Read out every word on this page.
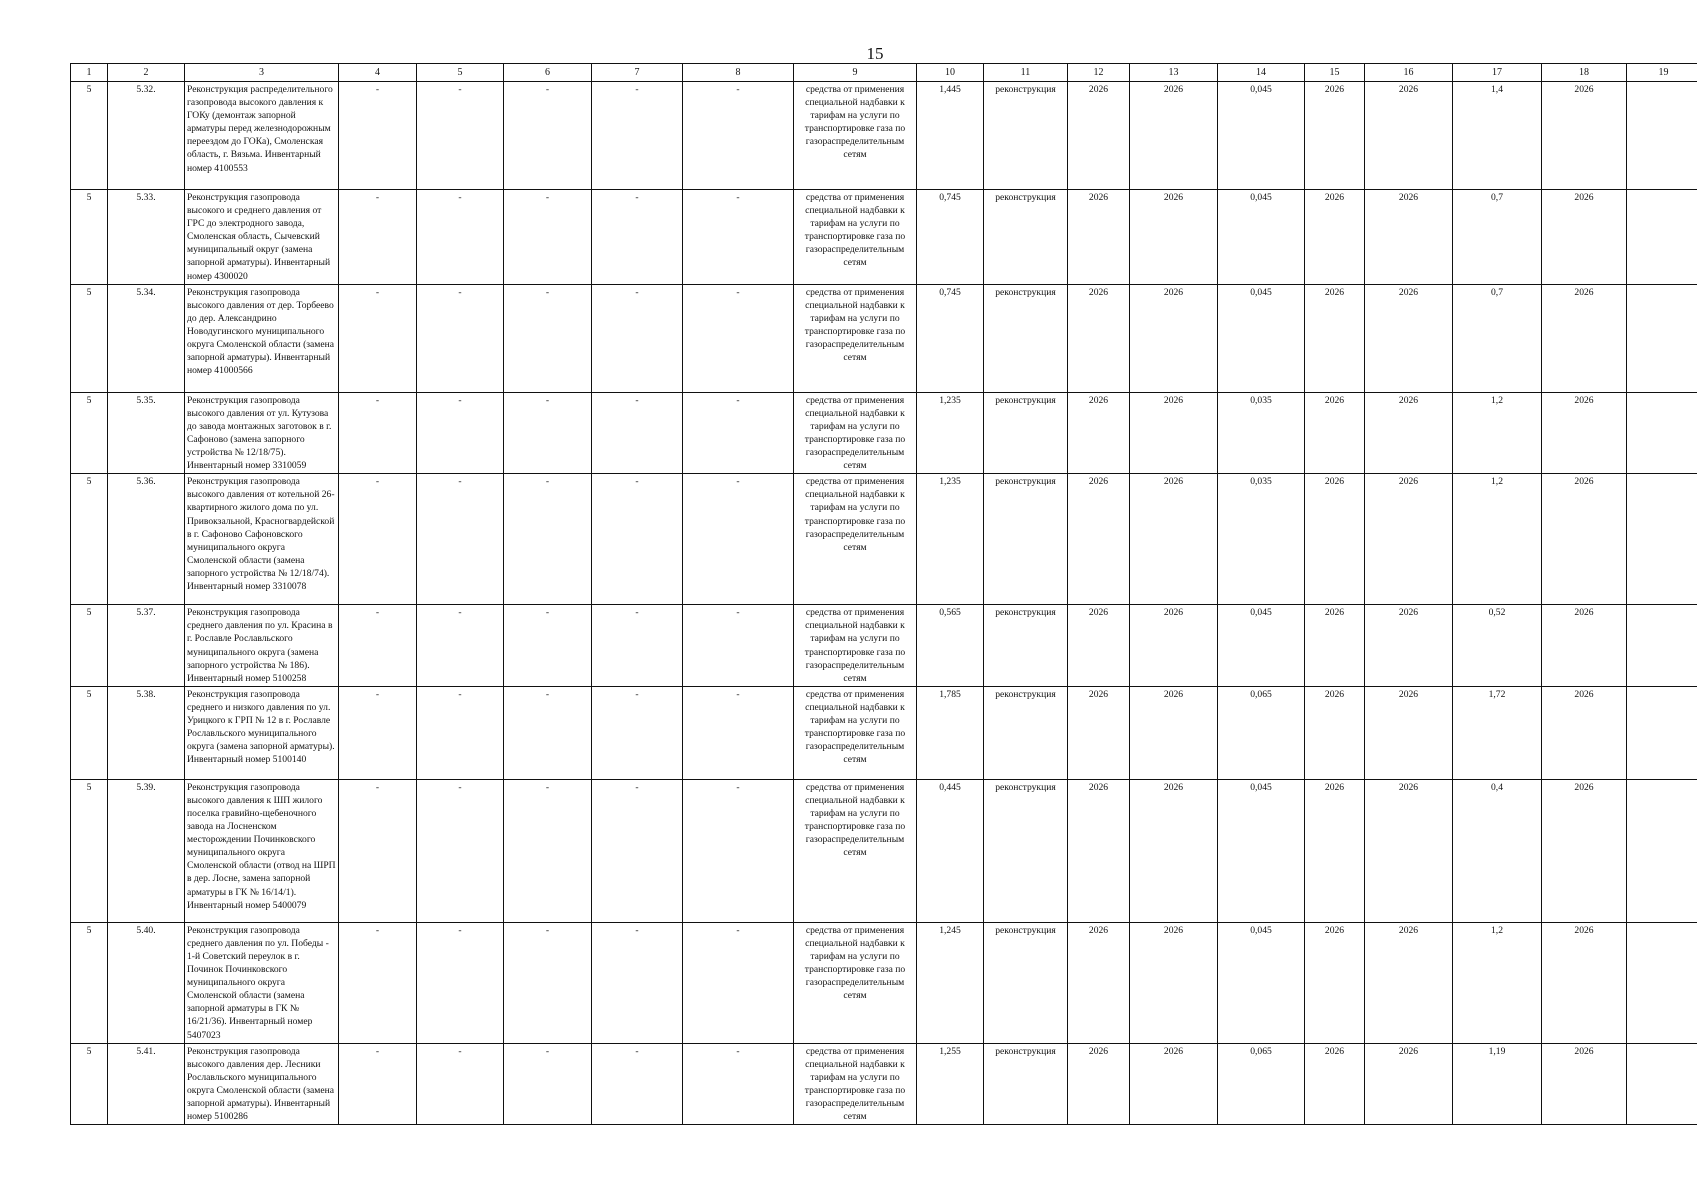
15
1	2	3	4	5	6	7	8	9	10	11	12	13	14	15	16	17	18	19
5	5.32.	Реконструкция распределительного газопровода высокого давления к ГОКу (демонтаж запорной арматуры перед железнодорожным переездом до ГОКа), Смоленская область, г. Вязьма. Инвентарный номер 4100553	-	-	-	-	-	средства от применения специальной надбавки к тарифам на услуги по транспортировке газа по газораспределительным сетям	1,445	реконструкция	2026	2026	0,045	2026	2026	1,4	2026	
5	5.33.	Реконструкция газопровода высокого и среднего давления от ГРС до электродного завода, Смоленская область, Сычевский муниципальный округ (замена запорной арматуры). Инвентарный номер 4300020	-	-	-	-	-	средства от применения специальной надбавки к тарифам на услуги по транспортировке газа по газораспределительным сетям	0,745	реконструкция	2026	2026	0,045	2026	2026	0,7	2026	
5	5.34.	Реконструкция газопровода высокого давления от дер. Торбеево до дер. Александрино Новодугинского муниципального округа Смоленской области (замена запорной арматуры). Инвентарный номер 41000566	-	-	-	-	-	средства от применения специальной надбавки к тарифам на услуги по транспортировке газа по газораспределительным сетям	0,745	реконструкция	2026	2026	0,045	2026	2026	0,7	2026	
5	5.35.	Реконструкция газопровода высокого давления от ул. Кутузова до завода монтажных заготовок в г. Сафоново (замена запорного устройства № 12/18/75). Инвентарный номер 3310059	-	-	-	-	-	средства от применения специальной надбавки к тарифам на услуги по транспортировке газа по газораспределительным сетям	1,235	реконструкция	2026	2026	0,035	2026	2026	1,2	2026	
5	5.36.	Реконструкция газопровода высокого давления от котельной 26-квартирного жилого дома по ул. Привокзальной, Красногвардейской в г. Сафоново Сафоновского муниципального округа Смоленской области (замена запорного устройства № 12/18/74). Инвентарный номер 3310078	-	-	-	-	-	средства от применения специальной надбавки к тарифам на услуги по транспортировке газа по газораспределительным сетям	1,235	реконструкция	2026	2026	0,035	2026	2026	1,2	2026	
5	5.37.	Реконструкция газопровода среднего давления по ул. Красина в г. Рославле Рославльского муниципального округа (замена запорного устройства № 186). Инвентарный номер 5100258	-	-	-	-	-	средства от применения специальной надбавки к тарифам на услуги по транспортировке газа по газораспределительным сетям	0,565	реконструкция	2026	2026	0,045	2026	2026	0,52	2026	
5	5.38.	Реконструкция газопровода среднего и низкого давления по ул. Урицкого к ГРП № 12 в г. Рославле Рославльского муниципального округа (замена запорной арматуры). Инвентарный номер 5100140	-	-	-	-	-	средства от применения специальной надбавки к тарифам на услуги по транспортировке газа по газораспределительным сетям	1,785	реконструкция	2026	2026	0,065	2026	2026	1,72	2026	
5	5.39.	Реконструкция газопровода высокого давления к ШП жилого поселка гравийно-щебеночного завода на Лосненском месторождении Починковского муниципального округа Смоленской области (отвод на ШРП в дер. Лосне, замена запорной арматуры в ГК № 16/14/1). Инвентарный номер 5400079	-	-	-	-	-	средства от применения специальной надбавки к тарифам на услуги по транспортировке газа по газораспределительным сетям	0,445	реконструкция	2026	2026	0,045	2026	2026	0,4	2026	
5	5.40.	Реконструкция газопровода среднего давления по ул. Победы - 1-й Советский переулок в г. Починок Починковского муниципального округа Смоленской области (замена запорной арматуры в ГК № 16/21/36). Инвентарный номер 5407023	-	-	-	-	-	средства от применения специальной надбавки к тарифам на услуги по транспортировке газа по газораспределительным сетям	1,245	реконструкция	2026	2026	0,045	2026	2026	1,2	2026	
5	5.41.	Реконструкция газопровода высокого давления дер. Лесники Рославльского муниципального округа Смоленской области (замена запорной арматуры). Инвентарный номер 5100286	-	-	-	-	-	средства от применения специальной надбавки к тарифам на услуги по транспортировке газа по газораспределительным сетям	1,255	реконструкция	2026	2026	0,065	2026	2026	1,19	2026	
